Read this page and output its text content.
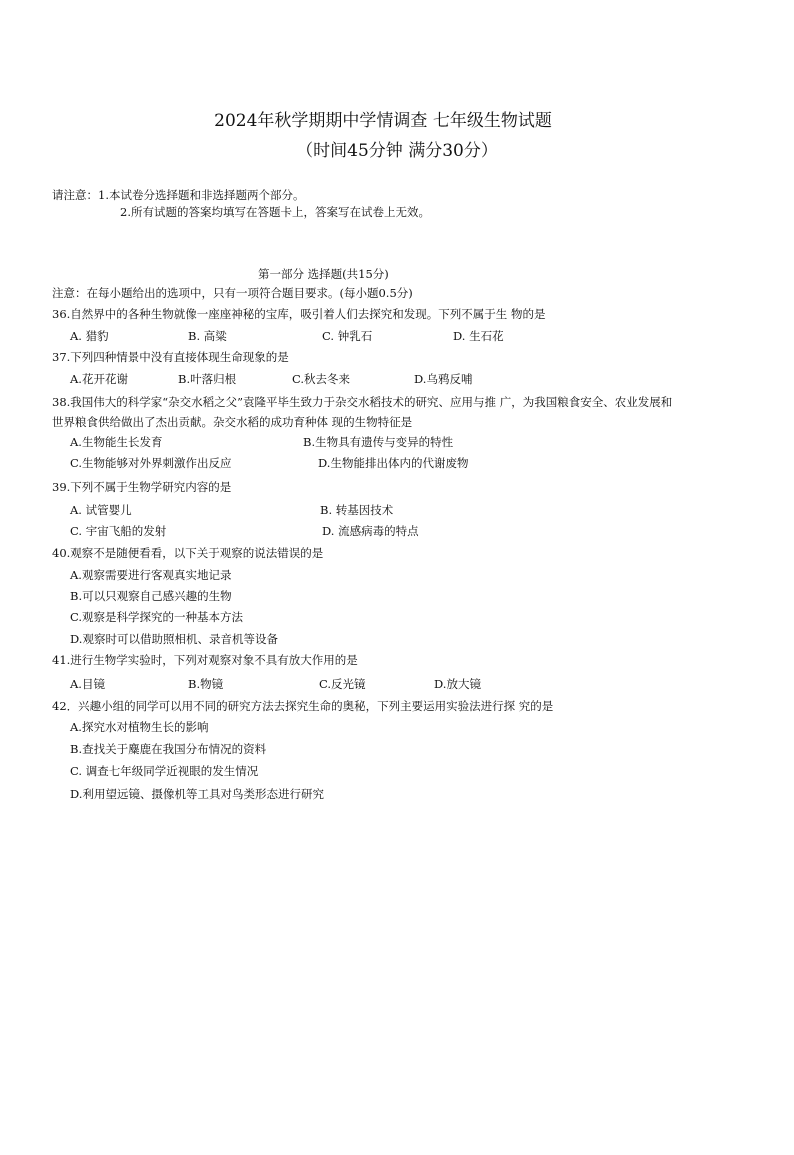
2024年秋学期期中学情调查 七年级生物试题
（时间45分钟 满分30分）
请注意：1.本试卷分选择题和非选择题两个部分。
2.所有试题的答案均填写在答题卡上，答案写在试卷上无效。
第一部分 选择题(共15分)
注意：在每小题给出的选项中，只有一项符合题目要求。(每小题0.5分)
36.自然界中的各种生物就像一座座神秘的宝库，吸引着人们去探究和发现。下列不属于生 物的是
A. 猎豹	B. 高粱	C. 钟乳石	D. 生石花
37.下列四种情景中没有直接体现生命现象的是
A.花开花谢	B.叶落归根	C.秋去冬来	D.乌鸦反哺
38.我国伟大的科学家“杂交水稻之父”袁隆平毕生致力于杂交水稻技术的研究、应用与推 广，为我国粮食安全、农业发展和
世界粮食供给做出了杰出贡献。杂交水稻的成功育种体 现的生物特征是
A.生物能生长发育	B.生物具有遗传与变异的特性
C.生物能够对外界刺激作出反应	D.生物能排出体内的代谢废物
39.下列不属于生物学研究内容的是
A. 试管婴儿	B. 转基因技术
C. 宇宙飞船的发射	D. 流感病毒的特点
40.观察不是随便看看，以下关于观察的说法错误的是
A.观察需要进行客观真实地记录
B.可以只观察自己感兴趣的生物
C.观察是科学探究的一种基本方法
D.观察时可以借助照相机、录音机等设备
41.进行生物学实验时，下列对观察对象不具有放大作用的是
A.目镜	B.物镜	C.反光镜	D.放大镜
42．兴趣小组的同学可以用不同的研究方法去探究生命的奥秘，下列主要运用实验法进行探 究的是
A.探究水对植物生长的影响
B.查找关于麋鹿在我国分布情况的资料
C. 调查七年级同学近视眼的发生情况
D.利用望远镜、摄像机等工具对鸟类形态进行研究
